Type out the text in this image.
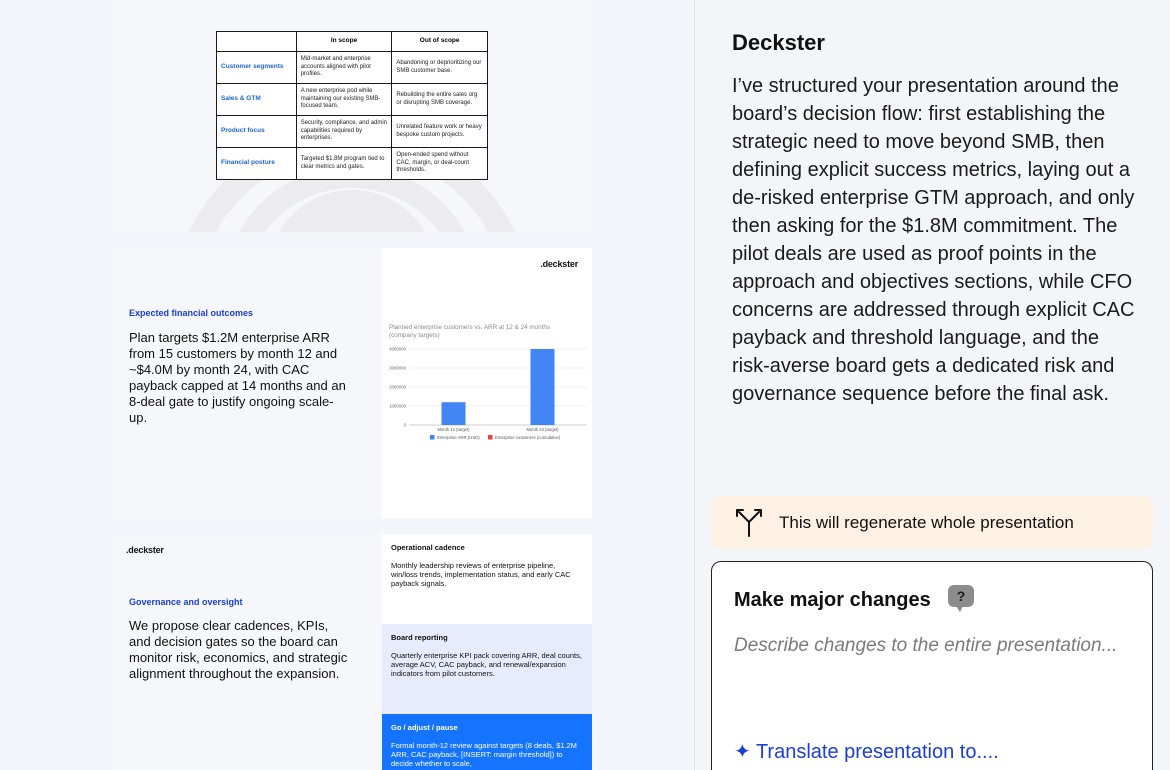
	In scope	Out of scope
Customer segments	Mid-market and enterprise accounts aligned with pilot profiles.	Abandoning or deprioritizing our SMB customer base.
Sales & GTM	A new enterprise pod while maintaining our existing SMB-focused team.	Rebuilding the entire sales org or disrupting SMB coverage.
Product focus	Security, compliance, and admin capabilities required by enterprises.	Unrelated feature work or heavy bespoke custom projects.
Financial posture	Targeted $1.8M program tied to clear metrics and gates.	Open-ended spend without CAC, margin, or deal-count thresholds.
Expected financial outcomes
Plan targets $1.2M enterprise ARR from 15 customers by month 12 and ~$4.0M by month 24, with CAC payback capped at 14 months and an 8-deal gate to justify ongoing scale-up.
.deckster
Planned enterprise customers vs. ARR at 12 & 24 months
(company targets)
0
1000000
2000000
3000000
4000000
Month 12 (target)	Month 24 (target)
Enterprise ARR (USD)	Enterprise customers (cumulative)
.deckster
Governance and oversight
We propose clear cadences, KPIs, and decision gates so the board can monitor risk, economics, and strategic alignment throughout the expansion.
Operational cadence
Monthly leadership reviews of enterprise pipeline, win/loss trends, implementation status, and early CAC payback signals.
Board reporting
Quarterly enterprise KPI pack covering ARR, deal counts, average ACV, CAC payback, and renewal/expansion indicators from pilot customers.
Go / adjust / pause
Formal month-12 review against targets (8 deals, $1.2M ARR, CAC payback, [INSERT: margin threshold]) to decide whether to scale,
Deckster
I’ve structured your presentation around the board’s decision flow: first establishing the strategic need to move beyond SMB, then defining explicit success metrics, laying out a de-risked enterprise GTM approach, and only then asking for the $1.8M commitment. The pilot deals are used as proof points in the approach and objectives sections, while CFO concerns are addressed through explicit CAC payback and threshold language, and the risk-averse board gets a dedicated risk and governance sequence before the final ask.
This will regenerate whole presentation
Make major changes ?
Describe changes to the entire presentation...
✦ Translate presentation to....
